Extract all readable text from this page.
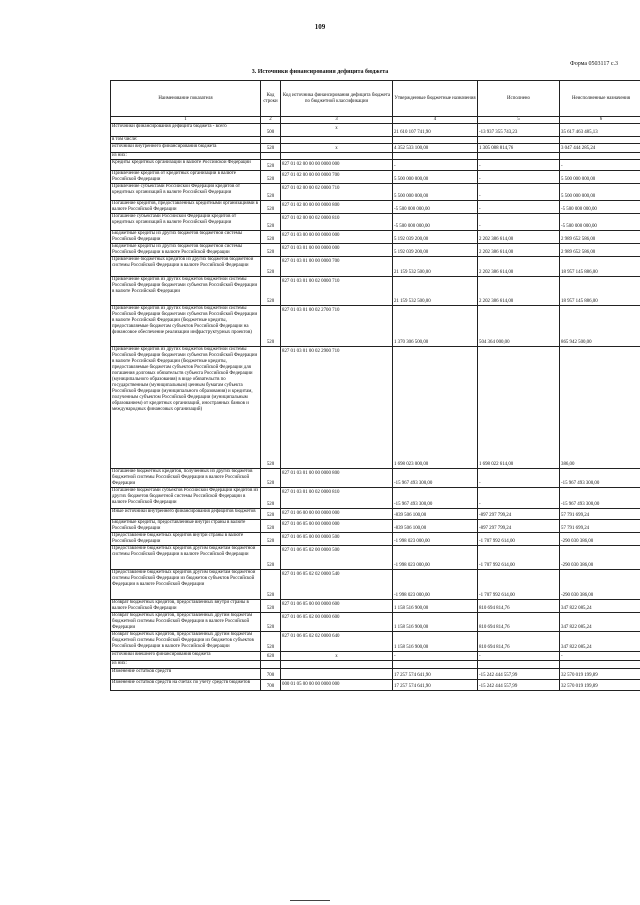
109
Форма 0503117 с.3
3. Источники финансирования дефицита бюджета
Наименование показателя	Код строки	Код источника финансирования дефицита бюджета по бюджетной классификации	Утвержденные бюджетные назначения	Исполнено	Неисполненные назначения
1	2	3	4	5	6
Источники финансирования дефицита бюджета - всего	500	x	21 610 107 741,90	-13 937 355 743,23	35 617 463 485,13
в том числе:					
источники внутреннего финансирования бюджета	520	x	4 352 533 100,00	1 305 088 814,76	3 047 444 285,24
из них:					
Кредиты кредитных организаций в валюте Российской Федерации	520	827 01 02 00 00 00 0000 000	-	-	-
Привлечение кредитов от кредитных организаций в валюте Российской Федерации	520	827 01 02 00 00 00 0000 700	5 500 000 000,00	-	5 500 000 000,00
Привлечение субъектами Российской Федерации кредитов от кредитных организаций в валюте Российской Федерации	520	827 01 02 00 00 02 0000 710	5 500 000 000,00	-	5 500 000 000,00
Погашение кредитов, предоставленных кредитными организациями в валюте Российской Федерации	520	827 01 02 00 00 00 0000 800	-5 500 000 000,00	-	-5 500 000 000,00
Погашение субъектами Российской Федерации кредитов от кредитных организаций в валюте Российской Федерации	520	827 01 02 00 00 02 0000 810	-5 500 000 000,00	-	-5 500 000 000,00
Бюджетные кредиты из других бюджетов бюджетной системы Российской Федерации	520	827 01 03 00 00 00 0000 000	5 192 039 200,00	2 202 386 614,00	2 989 652 586,00
Бюджетные кредиты из других бюджетов бюджетной системы Российской Федерации в валюте Российской Федерации	520	827 01 03 01 00 00 0000 000	5 192 039 200,00	2 202 386 614,00	2 989 652 586,00
Привлечение бюджетных кредитов из других бюджетов бюджетной системы Российской Федерации в валюте Российской Федерации	520	827 01 03 01 00 00 0000 700	21 159 532 500,00	2 202 386 614,00	18 957 145 886,00
Привлечение кредитов из других бюджетов бюджетной системы Российской Федерации бюджетами субъектов Российской Федерации в валюте Российской Федерации	520	827 01 03 01 00 02 0000 710	21 159 532 500,00	2 202 386 614,00	18 957 145 886,00
Привлечение кредитов из других бюджетов бюджетной системы Российской Федерации бюджетами субъектов Российской Федерации в валюте Российской Федерации (бюджетные кредиты, предоставляемые бюджетам субъектов Российской Федерации на финансовое обеспечение реализации инфраструктурных проектов)	520	827 01 03 01 00 02 2700 710	1 370 306 500,00	504 364 000,00	865 942 500,00
Привлечение кредитов из других бюджетов бюджетной системы Российской Федерации бюджетами субъектов Российской Федерации в валюте Российской Федерации (бюджетные кредиты, предоставляемые бюджетам субъектов Российской Федерации для погашения долговых обязательств субъекта Российской Федерации (муниципального образования) в виде обязательств по государственным (муниципальным) ценным бумагам субъекта Российской Федерации (муниципального образования) и кредитам, полученным субъектом Российской Федерации (муниципальным образованием) от кредитных организаций, иностранных банков и международных финансовых организаций)	520	827 01 03 01 00 02 2900 710	1 698 023 000,00	1 698 022 614,00	386,00
Погашение бюджетных кредитов, полученных из других бюджетов бюджетной системы Российской Федерации в валюте Российской Федерации	520	827 01 03 01 00 00 0000 800	-15 967 493 300,00	-	-15 967 493 300,00
Погашение бюджетами субъектов Российской Федерации кредитов из других бюджетов бюджетной системы Российской Федерации в валюте Российской Федерации	520	827 01 03 01 00 02 0000 810	-15 967 493 300,00	-	-15 967 493 300,00
Иные источники внутреннего финансирования дефицитов бюджетов	520	827 01 06 00 00 00 0000 000	-839 506 100,00	-897 297 799,24	57 791 699,24
Бюджетные кредиты, предоставленные внутри страны в валюте Российской Федерации	520	827 01 06 05 00 00 0000 000	-839 506 100,00	-897 297 799,24	57 791 699,24
Предоставление бюджетных кредитов внутри страны в валюте Российской Федерации	520	827 01 06 05 00 00 0000 500	-1 998 023 000,00	-1 707 992 614,00	-290 030 386,00
Предоставление бюджетных кредитов другим бюджетам бюджетной системы Российской Федерации в валюте Российской Федерации	520	827 01 06 05 02 00 0000 500	-1 998 023 000,00	-1 707 992 614,00	-290 030 386,00
Предоставление бюджетных кредитов другим бюджетам бюджетной системы Российской Федерации из бюджетов субъектов Российской Федерации в валюте Российской Федерации	520	827 01 06 05 02 02 0000 540	-1 998 023 000,00	-1 707 992 614,00	-290 030 386,00
Возврат бюджетных кредитов, предоставленных внутри страны в валюте Российской Федерации	520	827 01 06 05 00 00 0000 600	1 158 516 900,00	810 694 814,76	347 822 085,24
Возврат бюджетных кредитов, предоставленных другим бюджетам бюджетной системы Российской Федерации в валюте Российской Федерации	520	827 01 06 05 02 00 0000 600	1 158 516 900,00	810 694 814,76	347 822 085,24
Возврат бюджетных кредитов, предоставленных другим бюджетам бюджетной системы Российской Федерации из бюджетов субъектов Российской Федерации в валюте Российской Федерации	520	827 01 06 05 02 02 0000 640	1 158 516 900,00	810 694 814,76	347 822 085,24
источники внешнего финансирования бюджета	620	x	-	-	-
из них:					
Изменение остатков средств	700		17 257 574 641,90	-15 242 444 557,99	32 570 019 199,89
Изменение остатков средств на счетах по учету средств бюджетов	700	000 01 05 00 00 00 0000 000	17 257 574 641,90	-15 242 444 557,99	32 570 019 199,89
